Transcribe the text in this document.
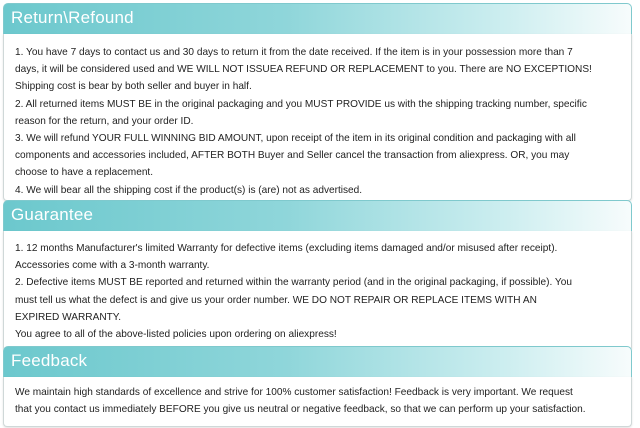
Return\Refound

1. You have 7 days to contact us and 30 days to return it from the date received. If the item is in your possession more than 7

days, it will be considered used and WE WILL NOT ISSUEA REFUND OR REPLACEMENT to you. There are NO EXCEPTIONS!

Shipping cost is bear by both seller and buyer in half.

2. All returned items MUST BE in the original packaging and you MUST PROVIDE us with the shipping tracking number, specific

reason for the return, and your order ID.

3. We will refund YOUR FULL WINNING BID AMOUNT, upon receipt of the item in its original condition and packaging with all

components and accessories included, AFTER BOTH Buyer and Seller cancel the transaction from aliexpress. OR, you may

choose to have a replacement.

4. We will bear all the shipping cost if the product(s) is (are) not as advertised.

Guarantee

1. 12 months Manufacturer's limited Warranty for defective items (excluding items damaged and/or misused after receipt).

Accessories come with a 3-month warranty.

2. Defective items MUST BE reported and returned within the warranty period (and in the original packaging, if possible). You

must tell us what the defect is and give us your order number. WE DO NOT REPAIR OR REPLACE ITEMS WITH AN

EXPIRED WARRANTY.

You agree to all of the above-listed policies upon ordering on aliexpress!

Feedback

We maintain high standards of excellence and strive for 100% customer satisfaction! Feedback is very important. We request

that you contact us immediately BEFORE you give us neutral or negative feedback, so that we can perform up your satisfaction.
